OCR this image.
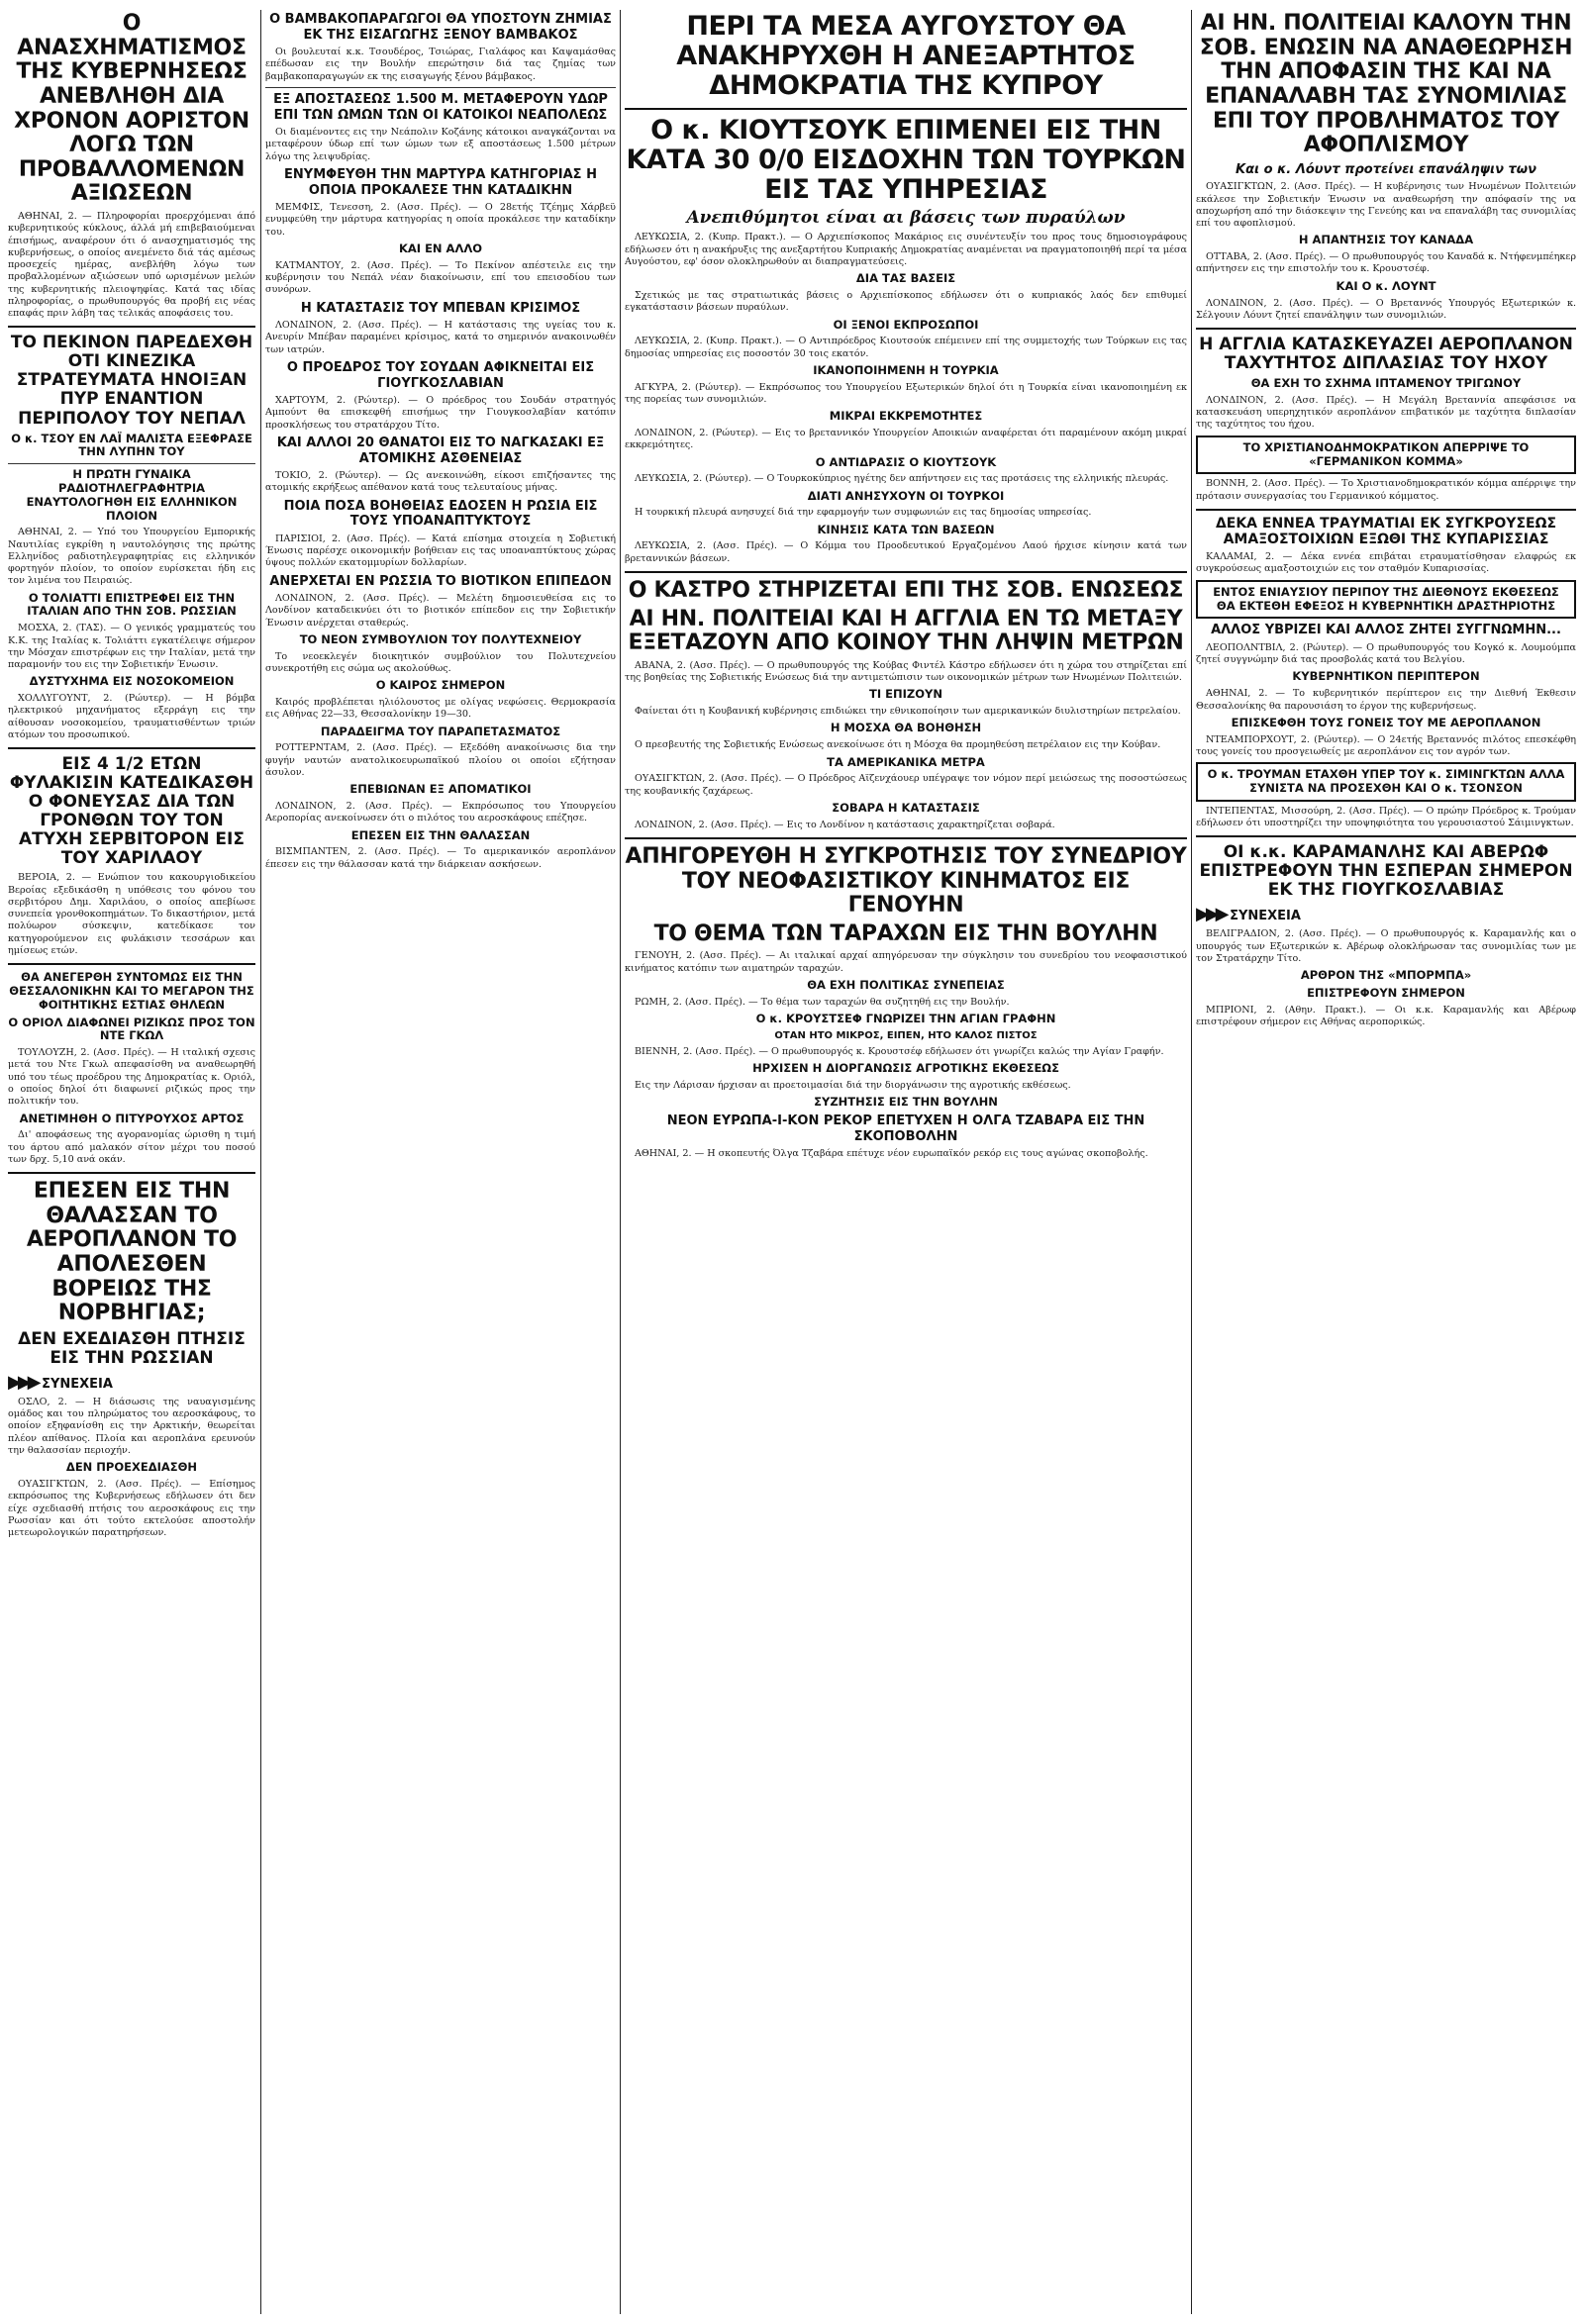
Ο ΑΝΑΣΧΗΜΑΤΙΣΜΟΣ ΤΗΣ ΚΥΒΕΡΝΗΣΕΩΣ ΑΝΕΒΛΗΘΗ ΔΙΑ ΧΡΟΝΟΝ ΑΟΡΙΣΤΟΝ ΛΟΓΩ ΤΩΝ ΠΡΟΒΑΛΛΟΜΕΝΩΝ ΑΞΙΩΣΕΩΝ
ΑΘΗΝΑΙ, 2. — Πληροφορίαι προερχόμεναι άπό κυβερνητικούς κύκλους, άλλά μή επιβεβαιούμεναι έπισήμως, αναφέρουν ότι ό ανασχηματισμός της κυβερνήσεως, ο οποίος ανεμένετο διά τάς αμέσως προσεχείς ημέρας, ανεβλήθη λόγω των προβαλλομένων αξιώσεων υπό ωρισμένων μελών της κυβερνητικής πλειοψηφίας. Κατά τας ιδίας πληροφορίας, ο πρωθυπουργός θα προβή εις νέας επαφάς πριν λάβη τας τελικάς αποφάσεις του.
ΤΟ ΠΕΚΙΝΟΝ ΠΑΡΕΔΕΧΘΗ ΟΤΙ ΚΙΝΕΖΙΚΑ ΣΤΡΑΤΕΥΜΑΤΑ ΗΝΟΙΞΑΝ ΠΥΡ ΕΝΑΝΤΙΟΝ ΠΕΡΙΠΟΛΟΥ ΤΟΥ ΝΕΠΑΛ
Ο κ. ΤΣΟΥ ΕΝ ΛΑΪ ΜΑΛΙΣΤΑ ΕΞΕΦΡΑΣΕ ΤΗΝ ΛΥΠΗΝ ΤΟΥ
Η ΠΡΩΤΗ ΓΥΝΑΙΚΑ ΡΑΔΙΟΤΗΛΕΓΡΑΦΗΤΡΙΑ ΕΝΑΥΤΟΛΟΓΗΘΗ ΕΙΣ ΕΛΛΗΝΙΚΟΝ ΠΛΟΙΟΝ
ΑΘΗΝΑΙ, 2. — Υπό του Υπουργείου Εμπορικής Ναυτιλίας εγκρίθη η ναυτολόγησις της πρώτης Ελληνίδος ραδιοτηλεγραφητρίας εις ελληνικόν φορτηγόν πλοίον, το οποίον ευρίσκεται ήδη εις τον λιμένα του Πειραιώς.
Ο ΤΟΛΙΑΤΤΙ ΕΠΙΣΤΡΕΦΕΙ ΕΙΣ ΤΗΝ ΙΤΑΛΙΑΝ ΑΠΟ ΤΗΝ ΣΟΒ. ΡΩΣΣΙΑΝ
ΜΟΣΧΑ, 2. (ΤΑΣ). — Ο γενικός γραμματεύς του Κ.Κ. της Ιταλίας κ. Τολιάττι εγκατέλειψε σήμερον την Μόσχαν επιστρέφων εις την Ιταλίαν, μετά την παραμονήν του εις την Σοβιετικήν Ένωσιν.
ΔΥΣΤΥΧΗΜΑ ΕΙΣ ΝΟΣΟΚΟΜΕΙΟΝ
ΧΟΛΛΥΓΟΥΝΤ, 2. (Ρώυτερ). — Η βόμβα ηλεκτρικού μηχανήματος εξερράγη εις την αίθουσαν νοσοκομείου, τραυματισθέντων τριών ατόμων του προσωπικού.
ΕΙΣ 4 1/2 ΕΤΩΝ ΦΥΛΑΚΙΣΙΝ ΚΑΤΕΔΙΚΑΣΘΗ Ο ΦΟΝΕΥΣΑΣ ΔΙΑ ΤΩΝ ΓΡΟΝΘΩΝ ΤΟΥ ΤΟΝ ΑΤΥΧΗ ΣΕΡΒΙΤΟΡΟΝ ΕΙΣ ΤΟΥ ΧΑΡΙΛΑΟΥ
ΒΕΡΟΙΑ, 2. — Ενώπιον του κακουργιοδικείου Βεροίας εξεδικάσθη η υπόθεσις του φόνου του σερβιτόρου Δημ. Χαριλάου, ο οποίος απεβίωσε συνεπεία γρονθοκοπημάτων. Το δικαστήριον, μετά πολύωρον σύσκεψιν, κατεδίκασε τον κατηγορούμενον εις φυλάκισιν τεσσάρων και ημίσεως ετών.
ΘΑ ΑΝΕΓΕΡΘΗ ΣΥΝΤΟΜΩΣ ΕΙΣ ΤΗΝ ΘΕΣΣΑΛΟΝΙΚΗΝ ΚΑΙ ΤΟ ΜΕΓΑΡΟΝ ΤΗΣ ΦΟΙΤΗΤΙΚΗΣ ΕΣΤΙΑΣ ΘΗΛΕΩΝ
Ο ΟΡΙΟΛ ΔΙΑΦΩΝΕΙ ΡΙΖΙΚΩΣ ΠΡΟΣ ΤΟΝ ΝΤΕ ΓΚΩΛ
ΤΟΥΛΟΥΖΗ, 2. (Ασσ. Πρές). — Η ιταλική σχεσις μετά του Ντε Γκωλ απεφασίσθη να αναθεωρηθή υπό του τέως προέδρου της Δημοκρατίας κ. Οριόλ, ο οποίος δηλοί ότι διαφωνεί ριζικώς προς την πολιτικήν του.
ΑΝΕΤΙΜΗΘΗ Ο ΠΙΤΥΡΟΥΧΟΣ ΑΡΤΟΣ
Δι' αποφάσεως της αγορανομίας ώρισθη η τιμή του άρτου από μαλακόν σίτον μέχρι του ποσού των δρχ. 5,10 ανά οκάν.
ΕΠΕΣΕΝ ΕΙΣ ΤΗΝ ΘΑΛΑΣΣΑΝ ΤΟ ΑΕΡΟΠΛΑΝΟΝ ΤΟ ΑΠΟΛΕΣΘΕΝ ΒΟΡΕΙΩΣ ΤΗΣ ΝΟΡΒΗΓΙΑΣ;
ΔΕΝ ΕΧΕΔΙΑΣΘΗ ΠΤΗΣΙΣ ΕΙΣ ΤΗΝ ΡΩΣΣΙΑΝ
▶▶▶ ΣΥΝΕΧΕΙΑ
ΟΣΛΟ, 2. — Η διάσωσις της ναυαγισμένης ομάδος και του πληρώματος του αεροσκάφους, το οποίον εξηφανίσθη εις την Αρκτικήν, θεωρείται πλέον απίθανος. Πλοία και αεροπλάνα ερευνούν την θαλασσίαν περιοχήν.
ΔΕΝ ΠΡΟΕΧΕΔΙΑΣΘΗ
ΟΥΑΣΙΓΚΤΩΝ, 2. (Ασσ. Πρές). — Επίσημος εκπρόσωπος της Κυβερνήσεως εδήλωσεν ότι δεν είχε σχεδιασθή πτήσις του αεροσκάφους εις την Ρωσσίαν και ότι τούτο εκτελούσε αποστολήν μετεωρολογικών παρατηρήσεων.
Ο ΒΑΜΒΑΚΟΠΑΡΑΓΩΓΟΙ ΘΑ ΥΠΟΣΤΟΥΝ ΖΗΜΙΑΣ ΕΚ ΤΗΣ ΕΙΣΑΓΩΓΗΣ ΞΕΝΟΥ ΒΑΜΒΑΚΟΣ
Οι βουλευταί κ.κ. Τσουδέρος, Τσιώρας, Γιαλάφος και Καψαμάσθας επέδωσαν εις την Βουλήν επερώτησιν διά τας ζημίας των βαμβακοπαραγωγών εκ της εισαγωγής ξένου βάμβακος.
ΕΞ ΑΠΟΣΤΑΣΕΩΣ 1.500 Μ. ΜΕΤΑΦΕΡΟΥΝ ΥΔΩΡ ΕΠΙ ΤΩΝ ΩΜΩΝ ΤΩΝ ΟΙ ΚΑΤΟΙΚΟΙ ΝΕΑΠΟΛΕΩΣ
Οι διαμένοντες εις την Νεάπολιν Κοζάνης κάτοικοι αναγκάζονται να μεταφέρουν ύδωρ επί των ώμων των εξ αποστάσεως 1.500 μέτρων λόγω της λειψυδρίας.
ΕΝΥΜΦΕΥΘΗ ΤΗΝ ΜΑΡΤΥΡΑ ΚΑΤΗΓΟΡΙΑΣ Η ΟΠΟΙΑ ΠΡΟΚΑΛΕΣΕ ΤΗΝ ΚΑΤΑΔΙΚΗΝ
ΜΕΜΦΙΣ, Τενεσση, 2. (Ασσ. Πρές). — Ο 28ετής Τζέημς Χάρβεϋ ενυμφεύθη την μάρτυρα κατηγορίας η οποία προκάλεσε την καταδίκην του.
ΚΑΙ ΕΝ ΑΛΛΟ
ΚΑΤΜΑΝΤΟΥ, 2. (Ασσ. Πρές). — Το Πεκίνον απέστειλε εις την κυβέρνησιν του Νεπάλ νέαν διακοίνωσιν, επί του επεισοδίου των συνόρων.
Η ΚΑΤΑΣΤΑΣΙΣ ΤΟΥ ΜΠΕΒΑΝ ΚΡΙΣΙΜΟΣ
ΛΟΝΔΙΝΟΝ, 2. (Ασσ. Πρές). — Η κατάστασις της υγείας του κ. Ανευρίν Μπέβαν παραμένει κρίσιμος, κατά το σημερινόν ανακοινωθέν των ιατρών.
Ο ΠΡΟΕΔΡΟΣ ΤΟΥ ΣΟΥΔΑΝ ΑΦΙΚΝΕΙΤΑΙ ΕΙΣ ΓΙΟΥΓΚΟΣΛΑΒΙΑΝ
ΧΑΡΤΟΥΜ, 2. (Ρώυτερ). — Ο πρόεδρος του Σουδάν στρατηγός Αμπούντ θα επισκεφθή επισήμως την Γιουγκοσλαβίαν κατόπιν προσκλήσεως του στρατάρχου Τίτο.
ΚΑΙ ΑΛΛΟΙ 20 ΘΑΝΑΤΟΙ ΕΙΣ ΤΟ ΝΑΓΚΑΣΑΚΙ ΕΞ ΑΤΟΜΙΚΗΣ ΑΣΘΕΝΕΙΑΣ
ΤΟΚΙΟ, 2. (Ρώυτερ). — Ως ανεκοινώθη, είκοσι επιζήσαντες της ατομικής εκρήξεως απέθανον κατά τους τελευταίους μήνας.
ΠΟΙΑ ΠΟΣΑ ΒΟΗΘΕΙΑΣ ΕΔΟΣΕΝ Η ΡΩΣΙΑ ΕΙΣ ΤΟΥΣ ΥΠΟΑΝΑΠΤΥΚΤΟΥΣ
ΠΑΡΙΣΙΟΙ, 2. (Ασσ. Πρές). — Κατά επίσημα στοιχεία η Σοβιετική Ένωσις παρέσχε οικονομικήν βοήθειαν εις τας υποαναπτύκτους χώρας ύψους πολλών εκατομμυρίων δολλαρίων.
ΑΝΕΡΧΕΤΑΙ ΕΝ ΡΩΣΣΙΑ ΤΟ ΒΙΟΤΙΚΟΝ ΕΠΙΠΕΔΟΝ
ΛΟΝΔΙΝΟΝ, 2. (Ασσ. Πρές). — Μελέτη δημοσιευθείσα εις το Λονδίνον καταδεικνύει ότι το βιοτικόν επίπεδον εις την Σοβιετικήν Ένωσιν ανέρχεται σταθερώς.
ΤΟ ΝΕΟΝ ΣΥΜΒΟΥΛΙΟΝ ΤΟΥ ΠΟΛΥΤΕΧΝΕΙΟΥ
Το νεοεκλεγέν διοικητικόν συμβούλιον του Πολυτεχνείου συνεκροτήθη εις σώμα ως ακολούθως.
Ο ΚΑΙΡΟΣ ΣΗΜΕΡΟΝ
Καιρός προβλέπεται ηλιόλουστος με ολίγας νεφώσεις. Θερμοκρασία εις Αθήνας 22—33, Θεσσαλονίκην 19—30.
ΠΑΡΑΔΕΙΓΜΑ ΤΟΥ ΠΑΡΑΠΕΤΑΣΜΑΤΟΣ
ΡΟΤΤΕΡΝΤΑΜ, 2. (Ασσ. Πρές). — Εξεδόθη ανακοίνωσις δια την φυγήν ναυτών ανατολικοευρωπαϊκού πλοίου οι οποίοι εζήτησαν άσυλον.
ΕΠΕΒΙΩΝΑΝ ΕΞ ΑΠΟΜΑΤΙΚΟΙ
ΛΟΝΔΙΝΟΝ, 2. (Ασσ. Πρές). — Εκπρόσωπος του Υπουργείου Αεροπορίας ανεκοίνωσεν ότι ο πιλότος του αεροσκάφους επέζησε.
ΕΠΕΣΕΝ ΕΙΣ ΤΗΝ ΘΑΛΑΣΣΑΝ
ΒΙΣΜΠΑΝΤΕΝ, 2. (Ασσ. Πρές). — Το αμερικανικόν αεροπλάνον έπεσεν εις την θάλασσαν κατά την διάρκειαν ασκήσεων.
ΠΕΡΙ ΤΑ ΜΕΣΑ ΑΥΓΟΥΣΤΟΥ ΘΑ ΑΝΑΚΗΡΥΧΘΗ Η ΑΝΕΞΑΡΤΗΤΟΣ ΔΗΜΟΚΡΑΤΙΑ ΤΗΣ ΚΥΠΡΟΥ
Ο κ. ΚΙΟΥΤΣΟΥΚ ΕΠΙΜΕΝΕΙ ΕΙΣ ΤΗΝ ΚΑΤΑ 30 0/0 ΕΙΣΔΟΧΗΝ ΤΩΝ ΤΟΥΡΚΩΝ ΕΙΣ ΤΑΣ ΥΠΗΡΕΣΙΑΣ
Ανεπιθύμητοι είναι αι βάσεις των πυραύλων
ΛΕΥΚΩΣΙΑ, 2. (Κυπρ. Πρακτ.). — Ο Αρχιεπίσκοπος Μακάριος εις συνέντευξίν του προς τους δημοσιογράφους εδήλωσεν ότι η ανακήρυξις της ανεξαρτήτου Κυπριακής Δημοκρατίας αναμένεται να πραγματοποιηθή περί τα μέσα Αυγούστου, εφ' όσον ολοκληρωθούν αι διαπραγματεύσεις.
ΔΙΑ ΤΑΣ ΒΑΣΕΙΣ
Σχετικώς με τας στρατιωτικάς βάσεις ο Αρχιεπίσκοπος εδήλωσεν ότι ο κυπριακός λαός δεν επιθυμεί εγκατάστασιν βάσεων πυραύλων.
ΟΙ ΞΕΝΟΙ ΕΚΠΡΟΣΩΠΟΙ
ΛΕΥΚΩΣΙΑ, 2. (Κυπρ. Πρακτ.). — Ο Αντιπρόεδρος Κιουτσούκ επέμεινεν επί της συμμετοχής των Τούρκων εις τας δημοσίας υπηρεσίας εις ποσοστόν 30 τοις εκατόν.
ΙΚΑΝΟΠΟΙΗΜΕΝΗ Η ΤΟΥΡΚΙΑ
ΑΓΚΥΡΑ, 2. (Ρώυτερ). — Εκπρόσωπος του Υπουργείου Εξωτερικών δηλοί ότι η Τουρκία είναι ικανοποιημένη εκ της πορείας των συνομιλιών.
ΜΙΚΡΑΙ ΕΚΚΡΕΜΟΤΗΤΕΣ
ΛΟΝΔΙΝΟΝ, 2. (Ρώυτερ). — Εις το βρεταννικόν Υπουργείον Αποικιών αναφέρεται ότι παραμένουν ακόμη μικραί εκκρεμότητες.
Ο ΑΝΤΙΔΡΑΣΙΣ Ο ΚΙΟΥΤΣΟΥΚ
ΛΕΥΚΩΣΙΑ, 2. (Ρώυτερ). — Ο Τουρκοκύπριος ηγέτης δεν απήντησεν εις τας προτάσεις της ελληνικής πλευράς.
ΔΙΑΤΙ ΑΝΗΣΥΧΟΥΝ ΟΙ ΤΟΥΡΚΟΙ
Η τουρκική πλευρά ανησυχεί διά την εφαρμογήν των συμφωνιών εις τας δημοσίας υπηρεσίας.
ΚΙΝΗΣΙΣ ΚΑΤΑ ΤΩΝ ΒΑΣΕΩΝ
ΛΕΥΚΩΣΙΑ, 2. (Ασσ. Πρές). — Ο Κόμμα του Προοδευτικού Εργαζομένου Λαού ήρχισε κίνησιν κατά των βρεταννικών βάσεων.
Ο ΚΑΣΤΡΟ ΣΤΗΡΙΖΕΤΑΙ ΕΠΙ ΤΗΣ ΣΟΒ. ΕΝΩΣΕΩΣ
ΑΙ ΗΝ. ΠΟΛΙΤΕΙΑΙ ΚΑΙ Η ΑΓΓΛΙΑ ΕΝ ΤΩ ΜΕΤΑΞΥ ΕΞΕΤΑΖΟΥΝ ΑΠΟ ΚΟΙΝΟΥ ΤΗΝ ΛΗΨΙΝ ΜΕΤΡΩΝ
ΑΒΑΝΑ, 2. (Ασσ. Πρές). — Ο πρωθυπουργός της Κούβας Φιντέλ Κάστρο εδήλωσεν ότι η χώρα του στηρίζεται επί της βοηθείας της Σοβιετικής Ενώσεως διά την αντιμετώπισιν των οικονομικών μέτρων των Ηνωμένων Πολιτειών.
ΤΙ ΕΠΙΖΟΥΝ
Φαίνεται ότι η Κουβανική κυβέρνησις επιδιώκει την εθνικοποίησιν των αμερικανικών διυλιστηρίων πετρελαίου.
Η ΜΟΣΧΑ ΘΑ ΒΟΗΘΗΣΗ
Ο πρεσβευτής της Σοβιετικής Ενώσεως ανεκοίνωσε ότι η Μόσχα θα προμηθεύση πετρέλαιον εις την Κούβαν.
ΤΑ ΑΜΕΡΙΚΑΝΙΚΑ ΜΕΤΡΑ
ΟΥΑΣΙΓΚΤΩΝ, 2. (Ασσ. Πρές). — Ο Πρόεδρος Αϊζενχάουερ υπέγραψε τον νόμον περί μειώσεως της ποσοστώσεως της κουβανικής ζαχάρεως.
ΣΟΒΑΡΑ Η ΚΑΤΑΣΤΑΣΙΣ
ΛΟΝΔΙΝΟΝ, 2. (Ασσ. Πρές). — Εις το Λονδίνον η κατάστασις χαρακτηρίζεται σοβαρά.
ΑΠΗΓΟΡΕΥΘΗ Η ΣΥΓΚΡΟΤΗΣΙΣ ΤΟΥ ΣΥΝΕΔΡΙΟΥ ΤΟΥ ΝΕΟΦΑΣΙΣΤΙΚΟΥ ΚΙΝΗΜΑΤΟΣ ΕΙΣ ΓΕΝΟΥΗΝ
ΤΟ ΘΕΜΑ ΤΩΝ ΤΑΡΑΧΩΝ ΕΙΣ ΤΗΝ ΒΟΥΛΗΝ
ΓΕΝΟΥΗ, 2. (Ασσ. Πρές). — Αι ιταλικαί αρχαί απηγόρευσαν την σύγκλησιν του συνεδρίου του νεοφασιστικού κινήματος κατόπιν των αιματηρών ταραχών.
ΘΑ ΕΧΗ ΠΟΛΙΤΙΚΑΣ ΣΥΝΕΠΕΙΑΣ
ΡΩΜΗ, 2. (Ασσ. Πρές). — Το θέμα των ταραχών θα συζητηθή εις την Βουλήν.
Ο κ. ΚΡΟΥΣΤΣΕΦ ΓΝΩΡΙΖΕΙ ΤΗΝ ΑΓΙΑΝ ΓΡΑΦΗΝ
ΟΤΑΝ ΗΤΟ ΜΙΚΡΟΣ, ΕΙΠΕΝ, ΗΤΟ ΚΑΛΟΣ ΠΙΣΤΟΣ
ΒΙΕΝΝΗ, 2. (Ασσ. Πρές). — Ο πρωθυπουργός κ. Κρουστσέφ εδήλωσεν ότι γνωρίζει καλώς την Αγίαν Γραφήν.
ΗΡΧΙΣΕΝ Η ΔΙΟΡΓΑΝΩΣΙΣ ΑΓΡΟΤΙΚΗΣ ΕΚΘΕΣΕΩΣ
Εις την Λάρισαν ήρχισαν αι προετοιμασίαι διά την διοργάνωσιν της αγροτικής εκθέσεως.
ΣΥΖΗΤΗΣΙΣ ΕΙΣ ΤΗΝ ΒΟΥΛΗΝ
ΝΕΟΝ ΕΥΡΩΠΑ-Ι-ΚΟΝ ΡΕΚΟΡ ΕΠΕΤΥΧΕΝ Η ΟΛΓΑ ΤΖΑΒΑΡΑ ΕΙΣ ΤΗΝ ΣΚΟΠΟΒΟΛΗΝ
ΑΘΗΝΑΙ, 2. — Η σκοπευτής Όλγα Τζαβάρα επέτυχε νέον ευρωπαϊκόν ρεκόρ εις τους αγώνας σκοποβολής.
ΑΙ ΗΝ. ΠΟΛΙΤΕΙΑΙ ΚΑΛΟΥΝ ΤΗΝ ΣΟΒ. ΕΝΩΣΙΝ ΝΑ ΑΝΑΘΕΩΡΗΣΗ ΤΗΝ ΑΠΟΦΑΣΙΝ ΤΗΣ ΚΑΙ ΝΑ ΕΠΑΝΑΛΑΒΗ ΤΑΣ ΣΥΝΟΜΙΛΙΑΣ ΕΠΙ ΤΟΥ ΠΡΟΒΛΗΜΑΤΟΣ ΤΟΥ ΑΦΟΠΛΙΣΜΟΥ
Και ο κ. Λόυντ προτείνει επανάληψιν των
ΟΥΑΣΙΓΚΤΩΝ, 2. (Ασσ. Πρές). — Η κυβέρνησις των Ηνωμένων Πολιτειών εκάλεσε την Σοβιετικήν Ένωσιν να αναθεωρήση την απόφασίν της να αποχωρήση από την διάσκεψιν της Γενεύης και να επαναλάβη τας συνομιλίας επί του αφοπλισμού.
Η ΑΠΑΝΤΗΣΙΣ ΤΟΥ ΚΑΝΑΔΑ
ΟΤΤΑΒΑ, 2. (Ασσ. Πρές). — Ο πρωθυπουργός του Καναδά κ. Ντήφενμπέηκερ απήντησεν εις την επιστολήν του κ. Κρουστσέφ.
ΚΑΙ Ο κ. ΛΟΥΝΤ
ΛΟΝΔΙΝΟΝ, 2. (Ασσ. Πρές). — Ο Βρεταννός Υπουργός Εξωτερικών κ. Σέλγουιν Λόυντ ζητεί επανάληψιν των συνομιλιών.
Η ΑΓΓΛΙΑ ΚΑΤΑΣΚΕΥΑΖΕΙ ΑΕΡΟΠΛΑΝΟΝ ΤΑΧΥΤΗΤΟΣ ΔΙΠΛΑΣΙΑΣ ΤΟΥ ΗΧΟΥ
ΘΑ ΕΧΗ ΤΟ ΣΧΗΜΑ ΙΠΤΑΜΕΝΟΥ ΤΡΙΓΩΝΟΥ
ΛΟΝΔΙΝΟΝ, 2. (Ασσ. Πρές). — Η Μεγάλη Βρεταννία απεφάσισε να κατασκευάση υπερηχητικόν αεροπλάνον επιβατικόν με ταχύτητα διπλασίαν της ταχύτητος του ήχου.
ΤΟ ΧΡΙΣΤΙΑΝΟΔΗΜΟΚΡΑΤΙΚΟΝ ΑΠΕΡΡΙΨΕ ΤΟ «ΓΕΡΜΑΝΙΚΟΝ ΚΟΜΜΑ»
ΒΟΝΝΗ, 2. (Ασσ. Πρές). — Το Χριστιανοδημοκρατικόν κόμμα απέρριψε την πρότασιν συνεργασίας του Γερμανικού κόμματος.
ΔΕΚΑ ΕΝΝΕΑ ΤΡΑΥΜΑΤΙΑΙ ΕΚ ΣΥΓΚΡΟΥΣΕΩΣ ΑΜΑΞΟΣΤΟΙΧΙΩΝ ΕΞΩΘΙ ΤΗΣ ΚΥΠΑΡΙΣΣΙΑΣ
ΚΑΛΑΜΑΙ, 2. — Δέκα εννέα επιβάται ετραυματίσθησαν ελαφρώς εκ συγκρούσεως αμαξοστοιχιών εις τον σταθμόν Κυπαρισσίας.
ΕΝΤΟΣ ΕΝΙΑΥΣΙΟΥ ΠΕΡΙΠΟΥ ΤΗΣ ΔΙΕΘΝΟΥΣ ΕΚΘΕΣΕΩΣ ΘΑ ΕΚΤΕΘΗ ΕΦΕΞΟΣ Η ΚΥΒΕΡΝΗΤΙΚΗ ΔΡΑΣΤΗΡΙΟΤΗΣ
ΑΛΛΟΣ ΥΒΡΙΖΕΙ ΚΑΙ ΑΛΛΟΣ ΖΗΤΕΙ ΣΥΓΓΝΩΜΗΝ...
ΛΕΟΠΟΛΝΤΒΙΛ, 2. (Ρώυτερ). — Ο πρωθυπουργός του Κογκό κ. Λουμούμπα ζητεί συγγνώμην διά τας προσβολάς κατά του Βελγίου.
ΚΥΒΕΡΝΗΤΙΚΟΝ ΠΕΡΙΠΤΕΡΟΝ
ΑΘΗΝΑΙ, 2. — Το κυβερνητικόν περίπτερον εις την Διεθνή Έκθεσιν Θεσσαλονίκης θα παρουσιάση το έργον της κυβερνήσεως.
ΕΠΙΣΚΕΦΘΗ ΤΟΥΣ ΓΟΝΕΙΣ ΤΟΥ ΜΕ ΑΕΡΟΠΛΑΝΟΝ
ΝΤΕΑΜΠΟΡΧΟΥΤ, 2. (Ρώυτερ). — Ο 24ετής Βρεταννός πιλότος επεσκέφθη τους γονείς του προσγειωθείς με αεροπλάνον εις τον αγρόν των.
Ο κ. ΤΡΟΥΜΑΝ ΕΤΑΧΘΗ ΥΠΕΡ ΤΟΥ κ. ΣΙΜΙΝΓΚΤΩΝ ΑΛΛΑ ΣΥΝΙΣΤΑ ΝΑ ΠΡΟΣΕΧΘΗ ΚΑΙ Ο κ. ΤΣΟΝΣΟΝ
ΙΝΤΕΠΕΝΤΑΣ, Μισσούρη, 2. (Ασσ. Πρές). — Ο πρώην Πρόεδρος κ. Τρούμαν εδήλωσεν ότι υποστηρίζει την υποψηφιότητα του γερουσιαστού Σάιμινγκτων.
ΟΙ κ.κ. ΚΑΡΑΜΑΝΛΗΣ ΚΑΙ ΑΒΕΡΩΦ ΕΠΙΣΤΡΕΦΟΥΝ ΤΗΝ ΕΣΠΕΡΑΝ ΣΗΜΕΡΟΝ ΕΚ ΤΗΣ ΓΙΟΥΓΚΟΣΛΑΒΙΑΣ
▶▶▶ ΣΥΝΕΧΕΙΑ
ΒΕΛΙΓΡΑΔΙΟΝ, 2. (Ασσ. Πρές). — Ο πρωθυπουργός κ. Καραμανλής και ο υπουργός των Εξωτερικών κ. Αβέρωφ ολοκλήρωσαν τας συνομιλίας των με τον Στρατάρχην Τίτο.
ΑΡΘΡΟΝ ΤΗΣ «ΜΠΟΡΜΠΑ»
ΕΠΙΣΤΡΕΦΟΥΝ ΣΗΜΕΡΟΝ
ΜΠΡΙΟΝΙ, 2. (Αθην. Πρακτ.). — Οι κ.κ. Καραμανλής και Αβέρωφ επιστρέφουν σήμερον εις Αθήνας αεροπορικώς.
